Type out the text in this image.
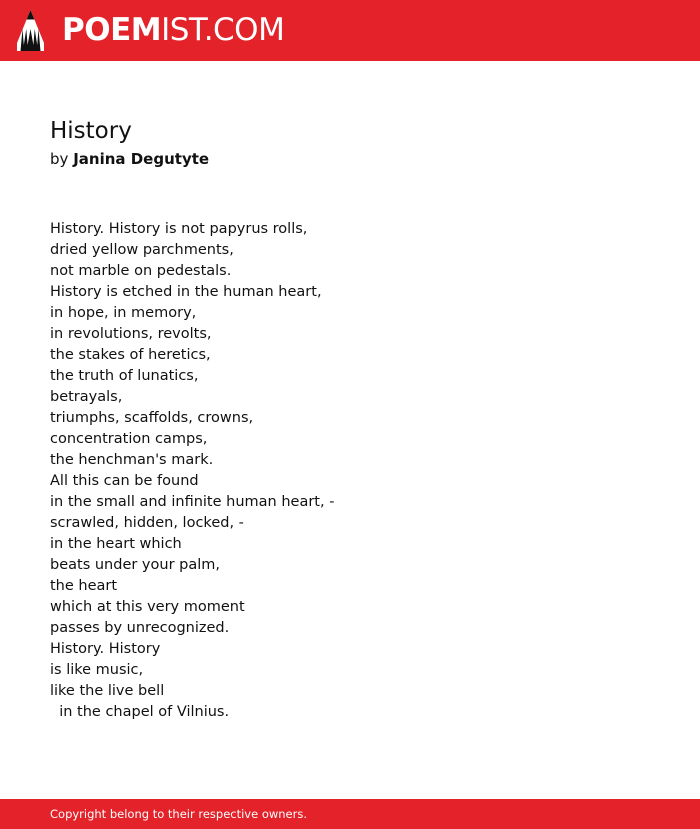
POEMIST.COM
History
by Janina Degutyte
History. History is not papyrus rolls,
dried yellow parchments,
not marble on pedestals.
History is etched in the human heart,
in hope, in memory,
in revolutions, revolts,
the stakes of heretics,
the truth of lunatics,
betrayals,
triumphs, scaffolds, crowns,
concentration camps,
the henchman's mark.
All this can be found
in the small and infinite human heart, -
scrawled, hidden, locked, -
in the heart which
beats under your palm,
the heart
which at this very moment
passes by unrecognized.
History. History
is like music,
like the live bell
in the chapel of Vilnius.
Copyright belong to their respective owners.
